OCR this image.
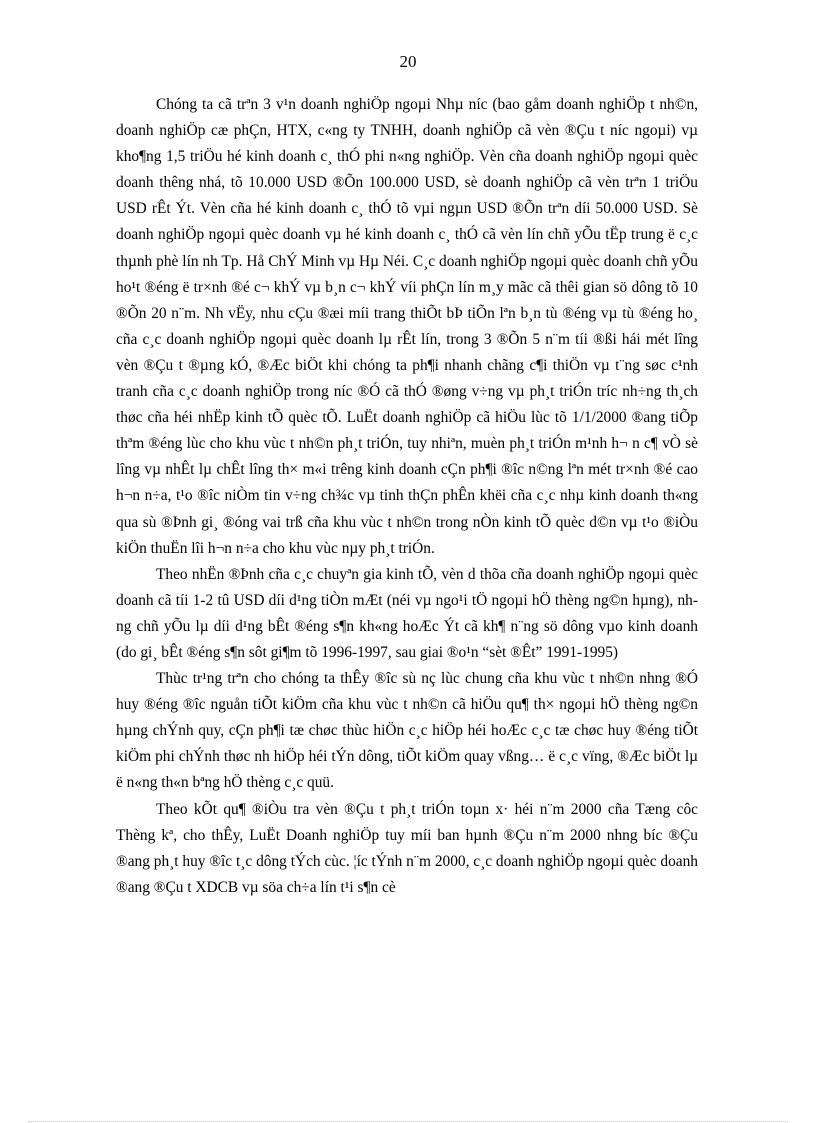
20

Chóng ta cã trªn 3 v¹n doanh nghiÖp ngoµi Nhµ níc (bao gåm doanh nghiÖp t nh©n, doanh nghiÖp cæ phÇn, HTX, c«ng ty TNHH, doanh nghiÖp cã vèn ®Çu t níc ngoµi) vµ kho¶ng 1,5 triÖu hé kinh doanh c¸ thÓ phi n«ng nghiÖp. Vèn cña doanh nghiÖp ngoµi quèc doanh thêng nhá, tõ 10.000 USD ®Õn 100.000 USD, sè doanh nghiÖp cã vèn trªn 1 triÖu USD rÊt Ýt. Vèn cña hé kinh doanh c¸ thÓ tõ vµi ngµn USD ®Õn trªn díi 50.000 USD. Sè doanh nghiÖp ngoµi quèc doanh vµ hé kinh doanh c¸ thÓ cã vèn lín chñ yÕu tËp trung ë c¸c thµnh phè lín nh Tp. Hå ChÝ Minh vµ Hµ Néi. C¸c doanh nghiÖp ngoµi quèc doanh chñ yÕu ho¹t ®éng ë tr×nh ®é c¬ khÝ vµ b¸n c¬ khÝ víi phÇn lín m¸y mãc cã thêi gian sö dông tõ 10 ®Õn 20 n¨m. Nh vËy, nhu cÇu ®æi míi trang thiÕt bÞ tiÕn lªn b¸n tù ®éng vµ tù ®éng ho¸ cña c¸c doanh nghiÖp ngoµi quèc doanh lµ rÊt lín, trong 3 ®Õn 5 n¨m tíi ®ßi hái mét lîng vèn ®Çu t ®µng kÓ, ®Æc biÖt khi chóng ta ph¶i nhanh chãng c¶i thiÖn vµ t¨ng søc c¹nh tranh cña c¸c doanh nghiÖp trong níc ®Ó cã thÓ ®øng v÷ng vµ ph¸t triÓn tríc nh÷ng th¸ch thøc cña héi nhËp kinh tÕ quèc tÕ. LuËt doanh nghiÖp cã hiÖu lùc tõ 1/1/2000 ®ang tiÕp thªm ®éng lùc cho khu vùc t nh©n ph¸t triÓn, tuy nhiªn, muèn ph¸t triÓn m¹nh h¬ n c¶ vÒ sè lîng vµ nhÊt lµ chÊt lîng th× m«i trêng kinh doanh cÇn ph¶i ®îc n©ng lªn mét tr×nh ®é cao h¬n n÷a, t¹o ®îc niÒm tin v÷ng ch¾c vµ tinh thÇn phÊn khëi cña c¸c nhµ kinh doanh th«ng qua sù ®Þnh gi¸ ®óng vai trß cña khu vùc t nh©n trong nÒn kinh tÕ quèc d©n vµ t¹o ®iÒu kiÖn thuËn lîi h¬n n÷a cho khu vùc nµy ph¸t triÓn.

Theo nhËn ®Þnh cña c¸c chuyªn gia kinh tÕ, vèn d thõa cña doanh nghiÖp ngoµi quèc doanh cã tíi 1-2 tû USD díi d¹ng tiÒn mÆt (néi vµ ngo¹i tÖ ngoµi hÖ thèng ng©n hµng), nhng chñ yÕu lµ díi d¹ng bÊt ®éng s¶n kh«ng hoÆc Ýt cã kh¶ n¨ng sö dông vµo kinh doanh (do gi¸ bÊt ®éng s¶n sôt gi¶m tõ 1996-1997, sau giai ®o¹n “sèt ®Êt” 1991-1995)

Thùc tr¹ng trªn cho chóng ta thÊy ®îc sù nç lùc chung cña khu vùc t nh©n nhng ®Ó huy ®éng ®îc nguån tiÕt kiÖm cña khu vùc t nh©n cã hiÖu qu¶ th× ngoµi hÖ thèng ng©n hµng chÝnh quy, cÇn ph¶i tæ chøc thùc hiÖn c¸c hiÖp héi hoÆc c¸c tæ chøc huy ®éng tiÕt kiÖm phi chÝnh thøc nh hiÖp héi tÝn dông, tiÕt kiÖm quay vßng… ë c¸c vïng, ®Æc biÖt lµ ë n«ng th«n bªng hÖ thèng c¸c quü.

Theo kÕt qu¶ ®iÒu tra vèn ®Çu t ph¸t triÓn toµn x· héi n¨m 2000 cña Tæng côc Thèng kª, cho thÊy, LuËt Doanh nghiÖp tuy míi ban hµnh ®Çu n¨m 2000 nhng bíc ®Çu ®ang ph¸t huy ®îc t¸c dông tÝch cùc. ¦íc tÝnh n¨m 2000, c¸c doanh nghiÖp ngoµi quèc doanh ®ang ®Çu t XDCB vµ söa ch÷a lín t¹i s¶n cè
